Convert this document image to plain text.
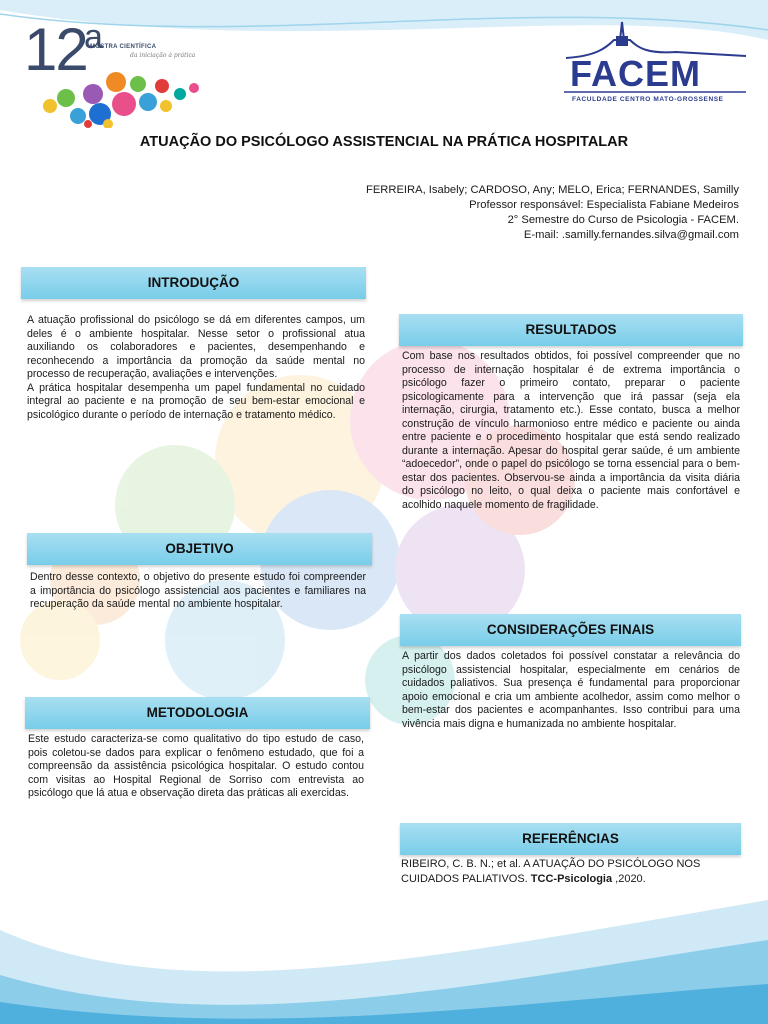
12
a
MOSTRA CIENTÍFICA
da iniciação à prática	FACEM
FACULDADE CENTRO MATO-GROSSENSE
ATUAÇÃO DO PSICÓLOGO ASSISTENCIAL NA PRÁTICA HOSPITALAR
FERREIRA, Isabely; CARDOSO, Any; MELO, Erica; FERNANDES, Samilly
Professor responsável: Especialista Fabiane Medeiros
2° Semestre do Curso de Psicologia - FACEM.
E-mail: .samilly.fernandes.silva@gmail.com
INTRODUÇÃO

A atuação profissional do psicólogo se dá em diferentes campos, um deles é o ambiente hospitalar. Nesse setor o profissional atua auxiliando os colaboradores e pacientes, desempenhando e reconhecendo a importância da promoção da saúde mental no processo de recuperação, avaliações e intervenções.

A prática hospitalar desempenha um papel fundamental no cuidado integral ao paciente e na promoção de seu bem-estar emocional e psicológico durante o período de internação e tratamento médico.

OBJETIVO

Dentro desse contexto, o objetivo do presente estudo foi compreender a importância do psicólogo assistencial aos pacientes e familiares na recuperação da saúde mental no ambiente hospitalar.

METODOLOGIA

Este estudo caracteriza-se como qualitativo do tipo estudo de caso, pois coletou-se dados para explicar o fenômeno estudado, que foi a compreensão da assistência psicológica hospitalar. O estudo contou com visitas ao Hospital Regional de Sorriso com entrevista ao psicólogo que lá atua e observação direta das práticas ali exercidas.

RESULTADOS

Com base nos resultados obtidos, foi possível compreender que no processo de internação hospitalar é de extrema importância o psicólogo fazer o primeiro contato, preparar o paciente psicologicamente para a intervenção que irá passar (seja ela internação, cirurgia, tratamento etc.). Esse contato, busca a melhor construção de vínculo harmonioso entre médico e paciente ou ainda entre paciente e o procedimento hospitalar que está sendo realizado durante a internação. Apesar do hospital gerar saúde, é um ambiente “adoecedor”, onde o papel do psicólogo se torna essencial para o bem-estar dos pacientes. Observou-se ainda a importância da visita diária do psicólogo no leito, o qual deixa o paciente mais confortável e acolhido naquele momento de fragilidade.

CONSIDERAÇÕES FINAIS

A partir dos dados coletados foi possível constatar a relevância do psicólogo assistencial hospitalar, especialmente em cenários de cuidados paliativos. Sua presença é fundamental para proporcionar apoio emocional e cria um ambiente acolhedor, assim como melhor o bem-estar dos pacientes e acompanhantes. Isso contribui para uma vivência mais digna e humanizada no ambiente hospitalar.

REFERÊNCIAS
RIBEIRO, C. B. N.; et al. A ATUAÇÃO DO PSICÓLOGO NOS CUIDADOS PALIATIVOS. TCC-Psicologia ,2020.
